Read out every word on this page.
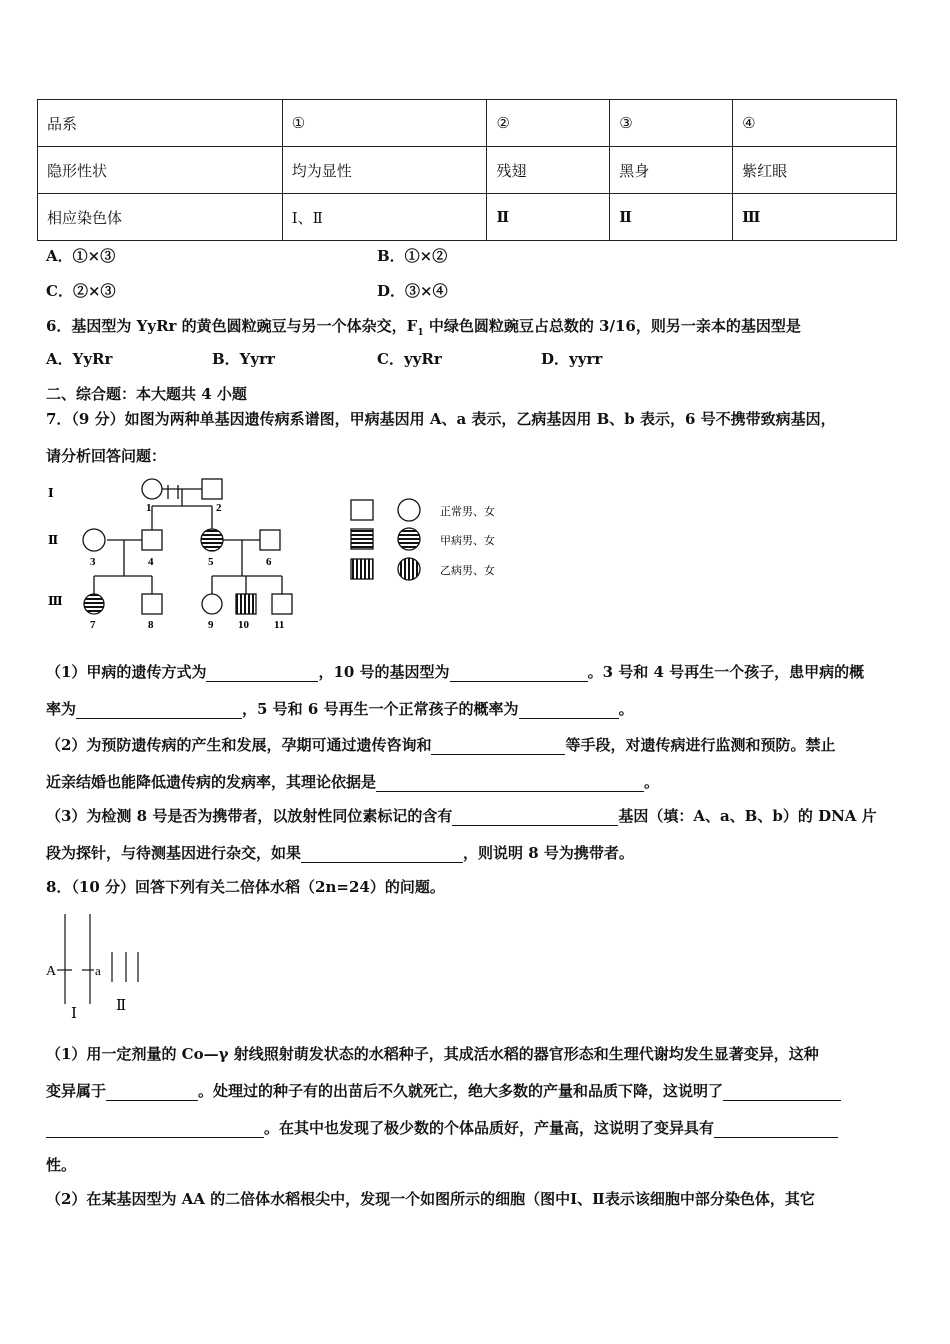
品系	①	②	③	④
隐形性状	均为显性	残翅	黑身	紫红眼
相应染色体	Ⅰ、Ⅱ	Ⅱ	Ⅱ	Ⅲ
A．①×③	B．①×②
C．②×③	D．③×④
6．基因型为 YyRr 的黄色圆粒豌豆与另一个体杂交，$F_1$ 中绿色圆粒豌豆占总数的 3/16，则另一亲本的基因型是
A．YyRr	B．Yyrr	C．yyRr	D．yyrr
二、综合题：本大题共 4 小题
7．（9 分）如图为两种单基因遗传病系谱图，甲病基因用 A、a 表示，乙病基因用 B、b 表示，6 号不携带致病基因，
请分析回答问题：
Ⅰ
Ⅱ
Ⅲ
1	2
3	4	5	6
7	8	9 10 11
正常男、女
甲病男、女
乙病男、女
（1）甲病的遗传方式为	，10 号的基因型为	。3 号和 4 号再生一个孩子，患甲病的概
率为	，5 号和 6 号再生一个正常孩子的概率为	。
（2）为预防遗传病的产生和发展，孕期可通过遗传咨询和	等手段，对遗传病进行监测和预防。禁止
近亲结婚也能降低遗传病的发病率，其理论依据是	。
（3）为检测 8 号是否为携带者，以放射性同位素标记的含有	基因（填：A、a、B、b）的 DNA 片
段为探针，与待测基因进行杂交，如果	，则说明 8 号为携带者。
8．（10 分）回答下列有关二倍体水稻（2n=24）的问题。
A	a
Ⅰ	Ⅱ
（1）用一定剂量的 Co—γ 射线照射萌发状态的水稻种子，其成活水稻的器官形态和生理代谢均发生显著变异，这种
变异属于	。处理过的种子有的出苗后不久就死亡，绝大多数的产量和品质下降，这说明了
。在其中也发现了极少数的个体品质好，产量高，这说明了变异具有
性。
（2）在某基因型为 AA 的二倍体水稻根尖中，发现一个如图所示的细胞（图中Ⅰ、Ⅱ表示该细胞中部分染色体，其它
